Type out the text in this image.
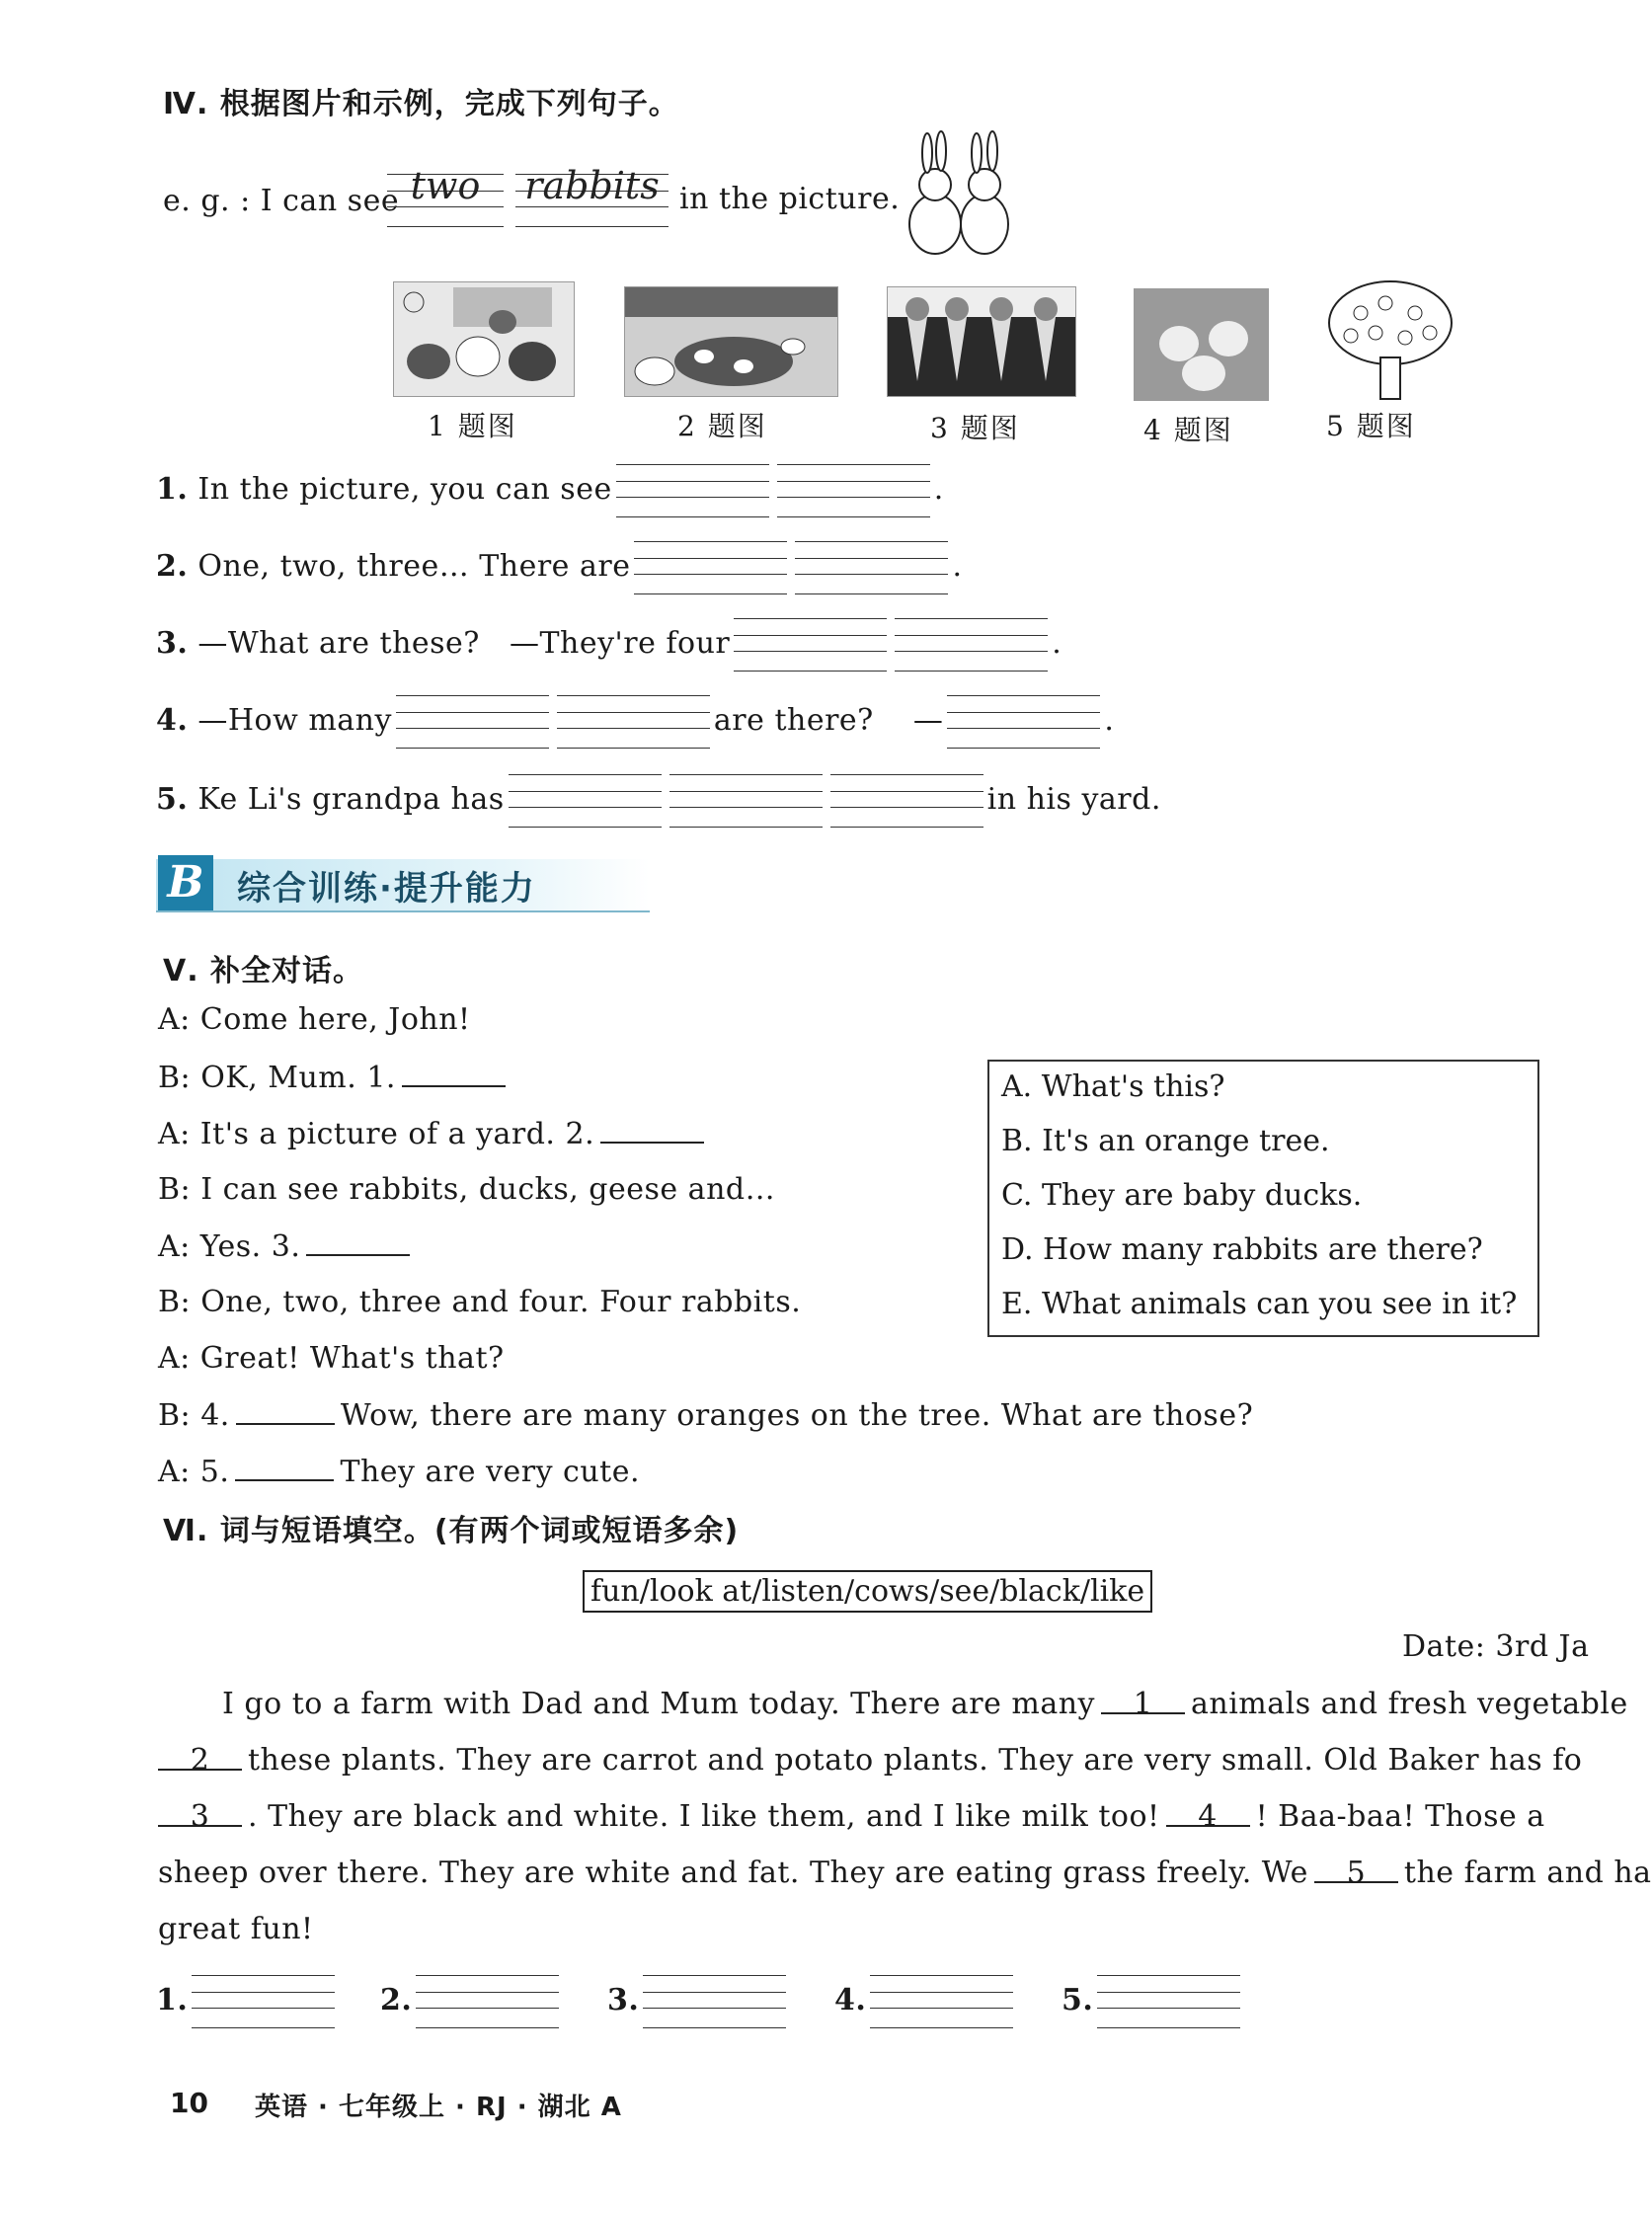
Ⅳ. 根据图片和示例，完成下列句子。
e. g. : I can see two	rabbits in the picture.
1 题图	2 题图	3 题图	4 题图	5 题图
1. In the picture, you can see	.
2. One, two, three… There are	.
3. —What are these? —They're four	.
4. —How many	are there? —	.
5. Ke Li's grandpa has	in his yard.
B 综合训练·提升能力
Ⅴ. 补全对话。
A: Come here, John!
B: OK, Mum. 1.
A: It's a picture of a yard. 2.
B: I can see rabbits, ducks, geese and…
A: Yes. 3.
B: One, two, three and four. Four rabbits.
A: Great! What's that?
B: 4.	Wow, there are many oranges on the tree. What are those?
A: 5.	They are very cute.
A. What's this?
B. It's an orange tree.
C. They are baby ducks.
D. How many rabbits are there?
E. What animals can you see in it?
Ⅵ. 词与短语填空。(有两个词或短语多余)
fun/look at/listen/cows/see/black/like
Date: 3rd Ja
I go to a farm with Dad and Mum today. There are many 1 animals and fresh vegetable
2 these plants. They are carrot and potato plants. They are very small. Old Baker has fo
3 . They are black and white. I like them, and I like milk too! 4 ! Baa-baa! Those a
sheep over there. They are white and fat. They are eating grass freely. We 5 the farm and ha
great fun!
1.	2.	3.	4.	5.
10 英语 · 七年级上 · RJ · 湖北 A
